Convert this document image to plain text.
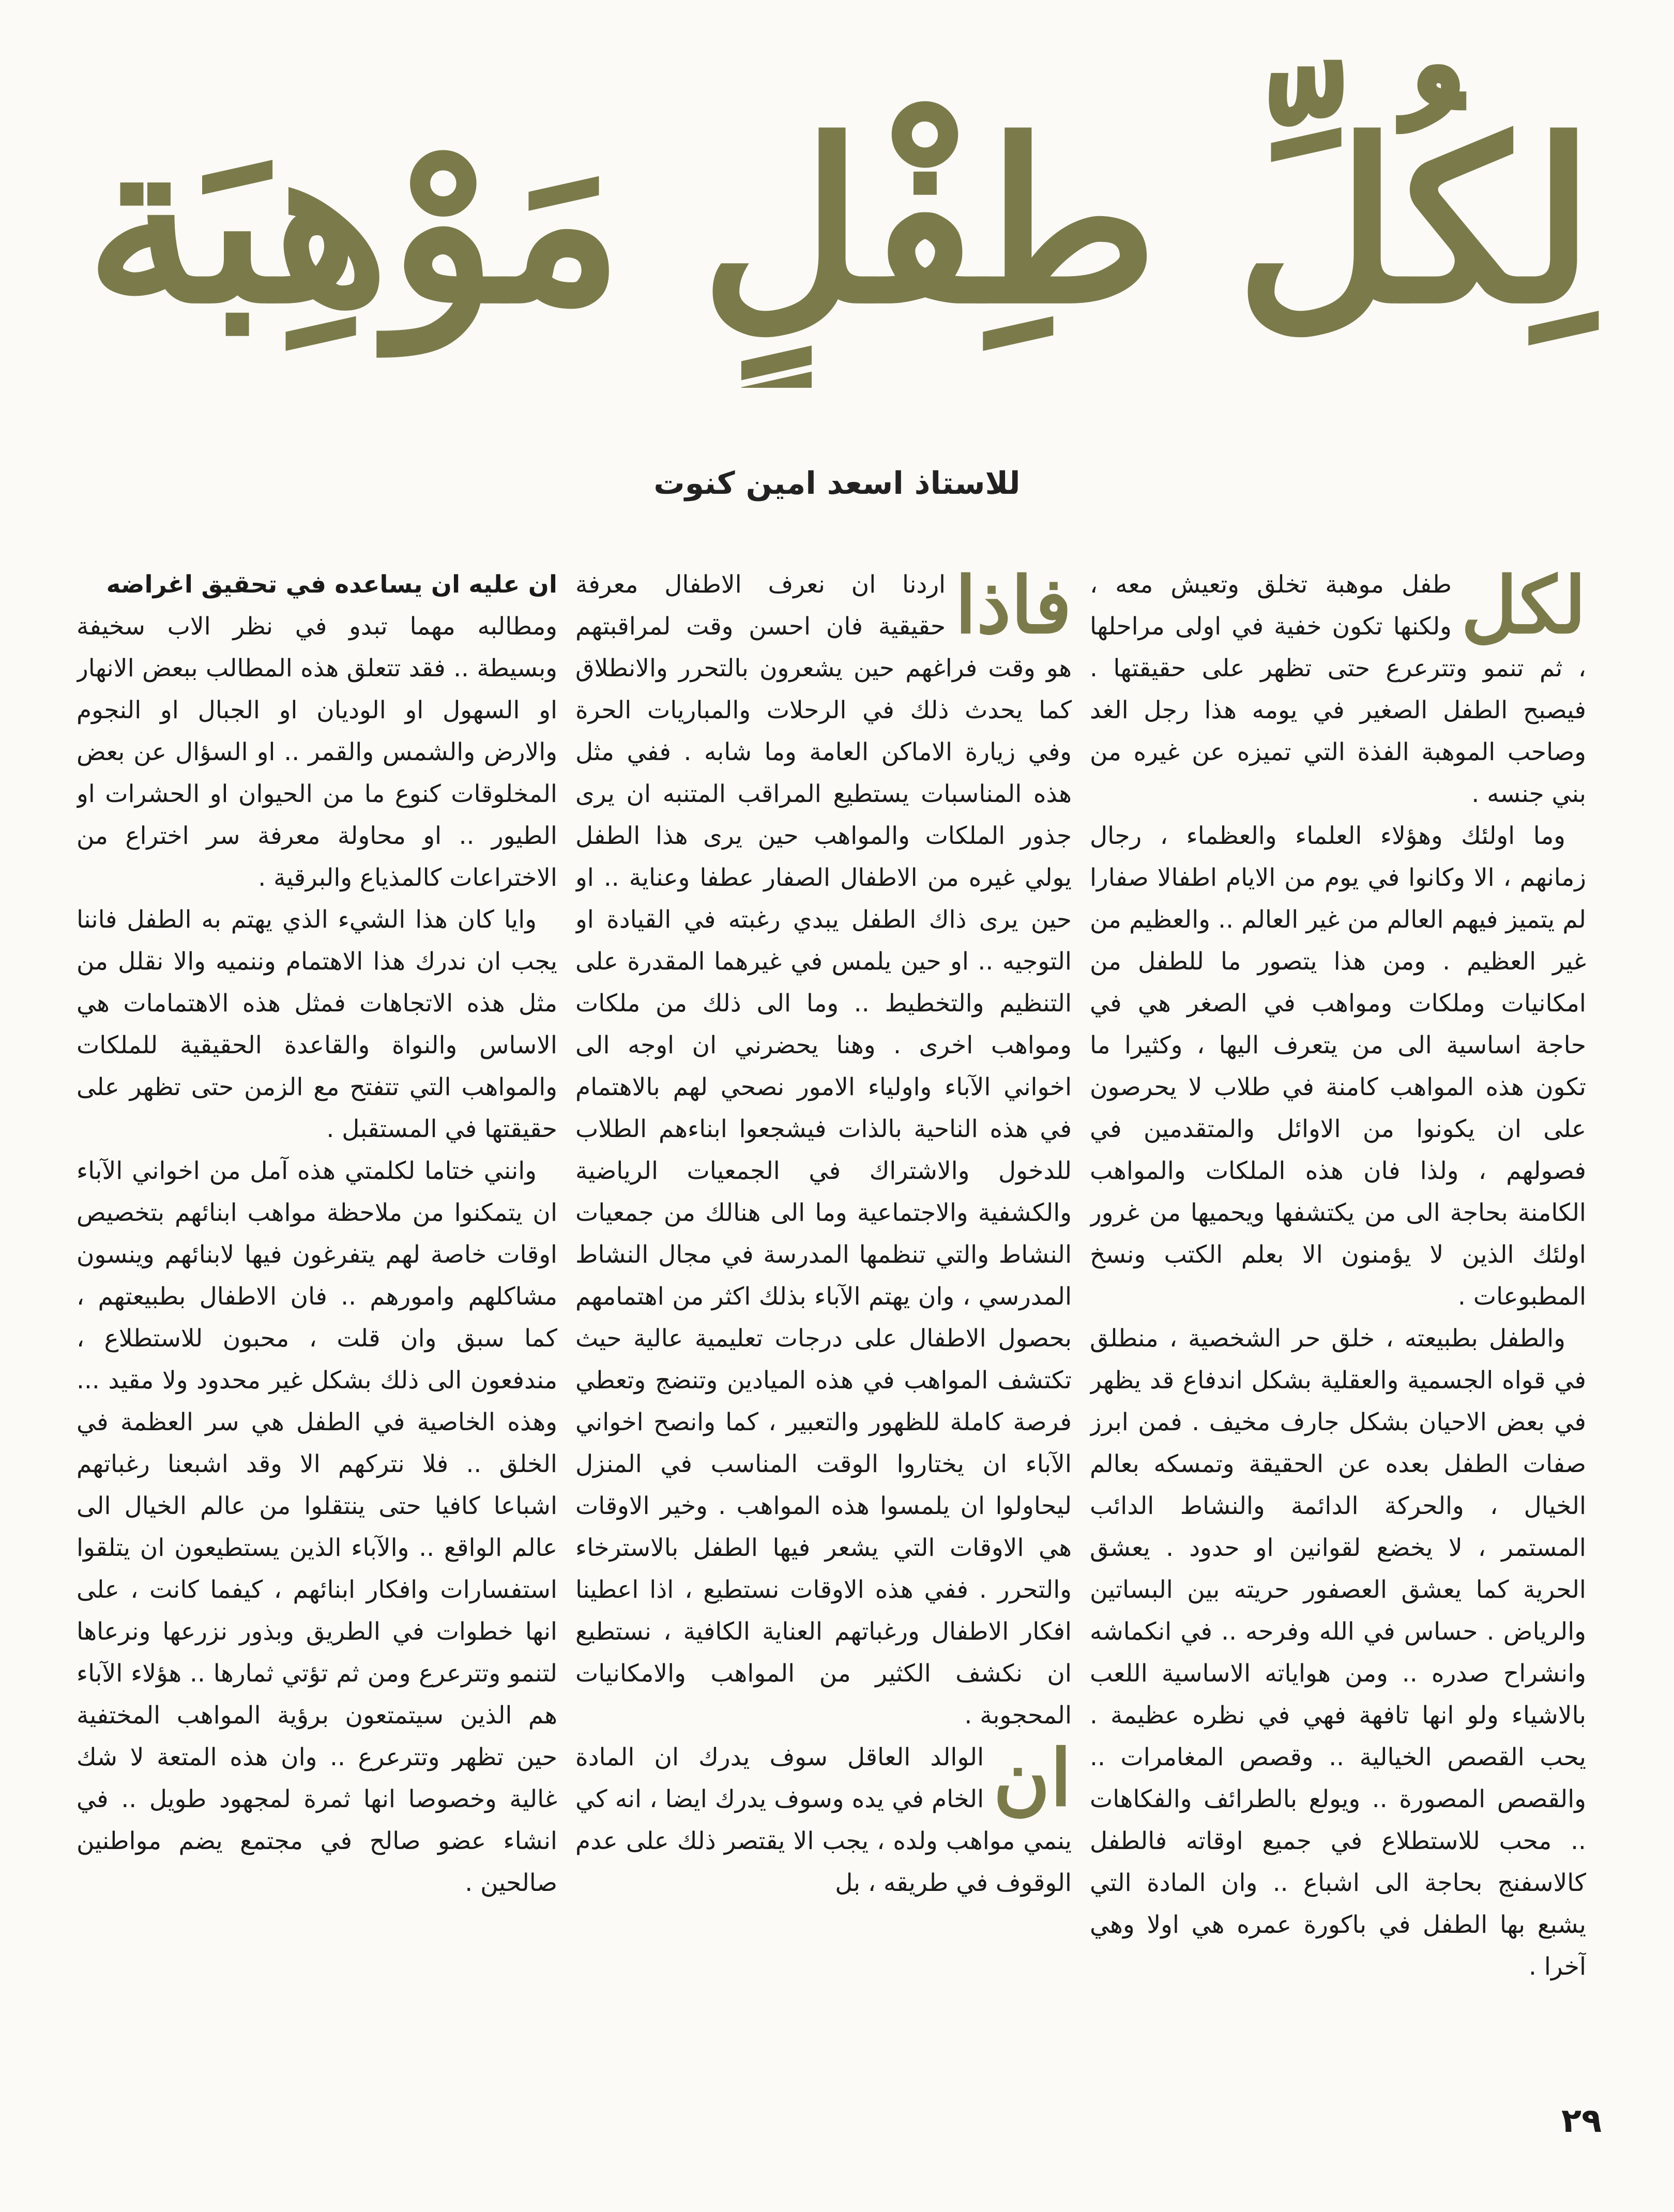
لِكُلِّ طِفْلٍ مَوْهِبَة
للاستاذ اسعد امين كنوت
لكل

طفل موهبة تخلق وتعيش معه ، ولكنها تكون خفية في اولى مراحلها ، ثم تنمو وتترعرع حتى تظهر على حقيقتها . فيصبح الطفل الصغير في يومه هذا رجل الغد وصاحب الموهبة الفذة التي تميزه عن غيره من بني جنسه .

وما اولئك وهؤلاء العلماء والعظماء ، رجال زمانهم ، الا وكانوا في يوم من الايام اطفالا صفارا لم يتميز فيهم العالم من غير العالم .. والعظيم من غير العظيم . ومن هذا يتصور ما للطفل من امكانيات وملكات ومواهب في الصغر هي في حاجة اساسية الى من يتعرف اليها ، وكثيرا ما تكون هذه المواهب كامنة في طلاب لا يحرصون على ان يكونوا من الاوائل والمتقدمين في فصولهم ، ولذا فان هذه الملكات والمواهب الكامنة بحاجة الى من يكتشفها ويحميها من غرور اولئك الذين لا يؤمنون الا بعلم الكتب ونسخ المطبوعات .

والطفل بطبيعته ، خلق حر الشخصية ، منطلق في قواه الجسمية والعقلية بشكل اندفاع قد يظهر في بعض الاحيان بشكل جارف مخيف . فمن ابرز صفات الطفل بعده عن الحقيقة وتمسكه بعالم الخيال ، والحركة الدائمة والنشاط الدائب المستمر ، لا يخضع لقوانين او حدود . يعشق الحرية كما يعشق العصفور حريته بين البساتين والرياض . حساس في الله وفرحه .. في انكماشه وانشراح صدره .. ومن هواياته الاساسية اللعب بالاشياء ولو انها تافهة فهي في نظره عظيمة . يحب القصص الخيالية .. وقصص المغامرات .. والقصص المصورة .. ويولع بالطرائف والفكاهات .. محب للاستطلاع في جميع اوقاته فالطفل كالاسفنج بحاجة الى اشباع .. وان المادة التي يشبع بها الطفل في باكورة عمره هي اولا وهي آخرا .

فاذا

اردنا ان نعرف الاطفال معرفة حقيقية فان احسن وقت لمراقبتهم هو وقت فراغهم حين يشعرون بالتحرر والانطلاق كما يحدث ذلك في الرحلات والمباريات الحرة وفي زيارة الاماكن العامة وما شابه . ففي مثل هذه المناسبات يستطيع المراقب المتنبه ان يرى جذور الملكات والمواهب حين يرى هذا الطفل يولي غيره من الاطفال الصفار عطفا وعناية .. او حين يرى ذاك الطفل يبدي رغبته في القيادة او التوجيه .. او حين يلمس في غيرهما المقدرة على التنظيم والتخطيط .. وما الى ذلك من ملكات ومواهب اخرى . وهنا يحضرني ان اوجه الى اخواني الآباء واولياء الامور نصحي لهم بالاهتمام في هذه الناحية بالذات فيشجعوا ابناءهم الطلاب للدخول والاشتراك في الجمعيات الرياضية والكشفية والاجتماعية وما الى هنالك من جمعيات النشاط والتي تنظمها المدرسة في مجال النشاط المدرسي ، وان يهتم الآباء بذلك اكثر من اهتمامهم بحصول الاطفال على درجات تعليمية عالية حيث تكتشف المواهب في هذه الميادين وتنضج وتعطي فرصة كاملة للظهور والتعبير ، كما وانصح اخواني الآباء ان يختاروا الوقت المناسب في المنزل ليحاولوا ان يلمسوا هذه المواهب . وخير الاوقات هي الاوقات التي يشعر فيها الطفل بالاسترخاء والتحرر . ففي هذه الاوقات نستطيع ، اذا اعطينا افكار الاطفال ورغباتهم العناية الكافية ، نستطيع ان نكشف الكثير من المواهب والامكانيات المحجوبة .

ان

الوالد العاقل سوف يدرك ان المادة الخام في يده وسوف يدرك ايضا ، انه كي ينمي مواهب ولده ، يجب الا يقتصر ذلك على عدم الوقوف في طريقه ، بل

ان عليه ان يساعده في تحقيق اغراضه

ومطالبه مهما تبدو في نظر الاب سخيفة وبسيطة .. فقد تتعلق هذه المطالب ببعض الانهار او السهول او الوديان او الجبال او النجوم والارض والشمس والقمر .. او السؤال عن بعض المخلوقات كنوع ما من الحيوان او الحشرات او الطيور .. او محاولة معرفة سر اختراع من الاختراعات كالمذياع والبرقية .

وايا كان هذا الشيء الذي يهتم به الطفل فاننا يجب ان ندرك هذا الاهتمام وننميه والا نقلل من مثل هذه الاتجاهات فمثل هذه الاهتمامات هي الاساس والنواة والقاعدة الحقيقية للملكات والمواهب التي تتفتح مع الزمن حتى تظهر على حقيقتها في المستقبل .

وانني ختاما لكلمتي هذه آمل من اخواني الآباء ان يتمكنوا من ملاحظة مواهب ابنائهم بتخصيص اوقات خاصة لهم يتفرغون فيها لابنائهم وينسون مشاكلهم وامورهم .. فان الاطفال بطبيعتهم ، كما سبق وان قلت ، محبون للاستطلاع ، مندفعون الى ذلك بشكل غير محدود ولا مقيد ... وهذه الخاصية في الطفل هي سر العظمة في الخلق .. فلا نتركهم الا وقد اشبعنا رغباتهم اشباعا كافيا حتى ينتقلوا من عالم الخيال الى عالم الواقع .. والآباء الذين يستطيعون ان يتلقوا استفسارات وافكار ابنائهم ، كيفما كانت ، على انها خطوات في الطريق وبذور نزرعها ونرعاها لتنمو وتترعرع ومن ثم تؤتي ثمارها .. هؤلاء الآباء هم الذين سيتمتعون برؤية المواهب المختفية حين تظهر وتترعرع .. وان هذه المتعة لا شك غالية وخصوصا انها ثمرة لمجهود طويل .. في انشاء عضو صالح في مجتمع يضم مواطنين صالحين .

٢٩
